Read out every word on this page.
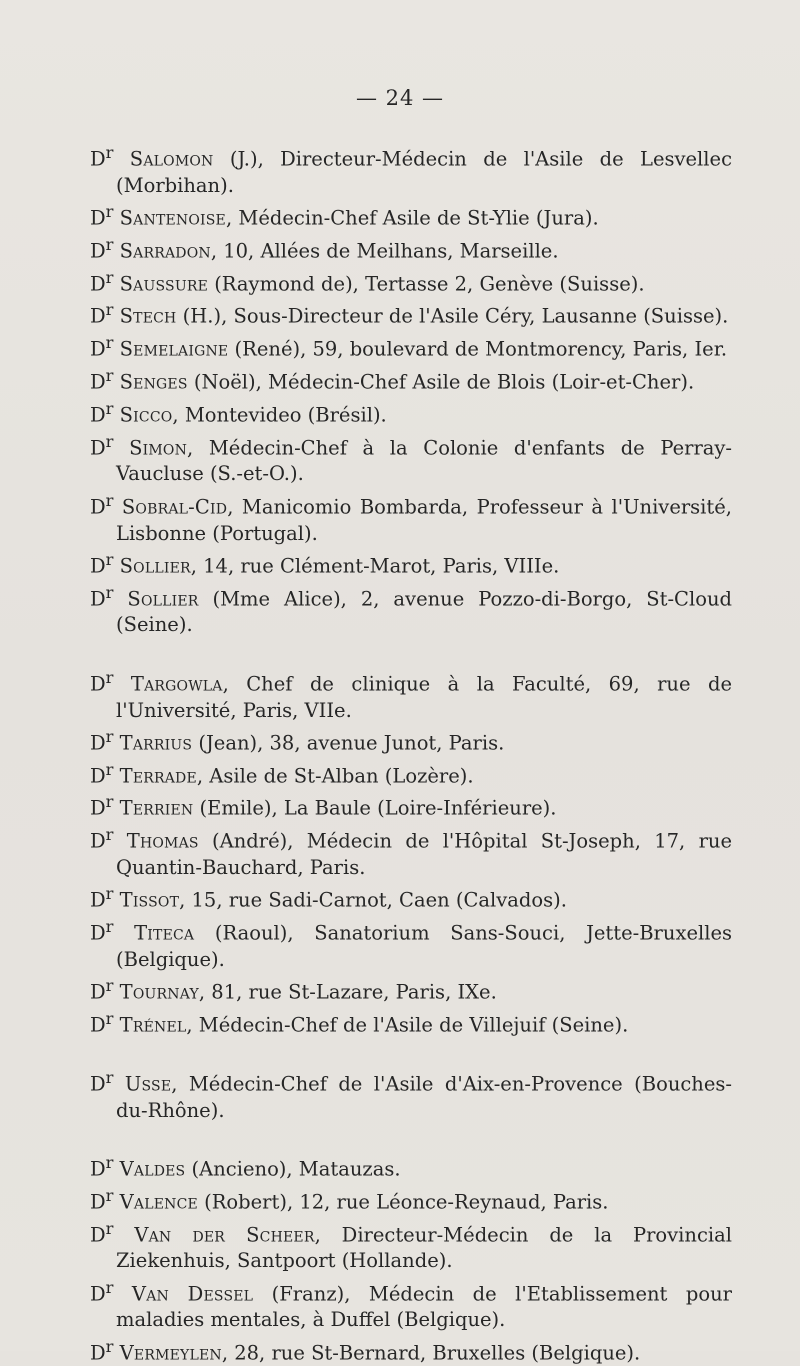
— 24 —
$D^r$ Salomon (J.), Directeur-Médecin de l'Asile de Lesvellec (Morbihan).
$D^r$ Santenoise, Médecin-Chef Asile de St-Ylie (Jura).
$D^r$ Sarradon, 10, Allées de Meilhans, Marseille.
$D^r$ Saussure (Raymond de), Tertasse 2, Genève (Suisse).
$D^r$ Stech (H.), Sous-Directeur de l'Asile Céry, Lausanne (Suisse).
$D^r$ Semelaigne (René), 59, boulevard de Montmorency, Paris, Ier.
$D^r$ Senges (Noël), Médecin-Chef Asile de Blois (Loir-et-Cher).
$D^r$ Sicco, Montevideo (Brésil).
$D^r$ Simon, Médecin-Chef à la Colonie d'enfants de Perray-Vaucluse (S.-et-O.).
$D^r$ Sobral-Cid, Manicomio Bombarda, Professeur à l'Université, Lisbonne (Portugal).
$D^r$ Sollier, 14, rue Clément-Marot, Paris, VIIIe.
$D^r$ Sollier (Mme Alice), 2, avenue Pozzo-di-Borgo, St-Cloud (Seine).
$D^r$ Targowla, Chef de clinique à la Faculté, 69, rue de l'Université, Paris, VIIe.
$D^r$ Tarrius (Jean), 38, avenue Junot, Paris.
$D^r$ Terrade, Asile de St-Alban (Lozère).
$D^r$ Terrien (Emile), La Baule (Loire-Inférieure).
$D^r$ Thomas (André), Médecin de l'Hôpital St-Joseph, 17, rue Quantin-Bauchard, Paris.
$D^r$ Tissot, 15, rue Sadi-Carnot, Caen (Calvados).
$D^r$ Titeca (Raoul), Sanatorium Sans-Souci, Jette-Bruxelles (Belgique).
$D^r$ Tournay, 81, rue St-Lazare, Paris, IXe.
$D^r$ Trénel, Médecin-Chef de l'Asile de Villejuif (Seine).
$D^r$ Usse, Médecin-Chef de l'Asile d'Aix-en-Provence (Bouches-du-Rhône).
$D^r$ Valdes (Ancieno), Matauzas.
$D^r$ Valence (Robert), 12, rue Léonce-Reynaud, Paris.
$D^r$ Van der Scheer, Directeur-Médecin de la Provincial Ziekenhuis, Santpoort (Hollande).
$D^r$ Van Dessel (Franz), Médecin de l'Etablissement pour maladies mentales, à Duffel (Belgique).
$D^r$ Vermeylen, 28, rue St-Bernard, Bruxelles (Belgique).
